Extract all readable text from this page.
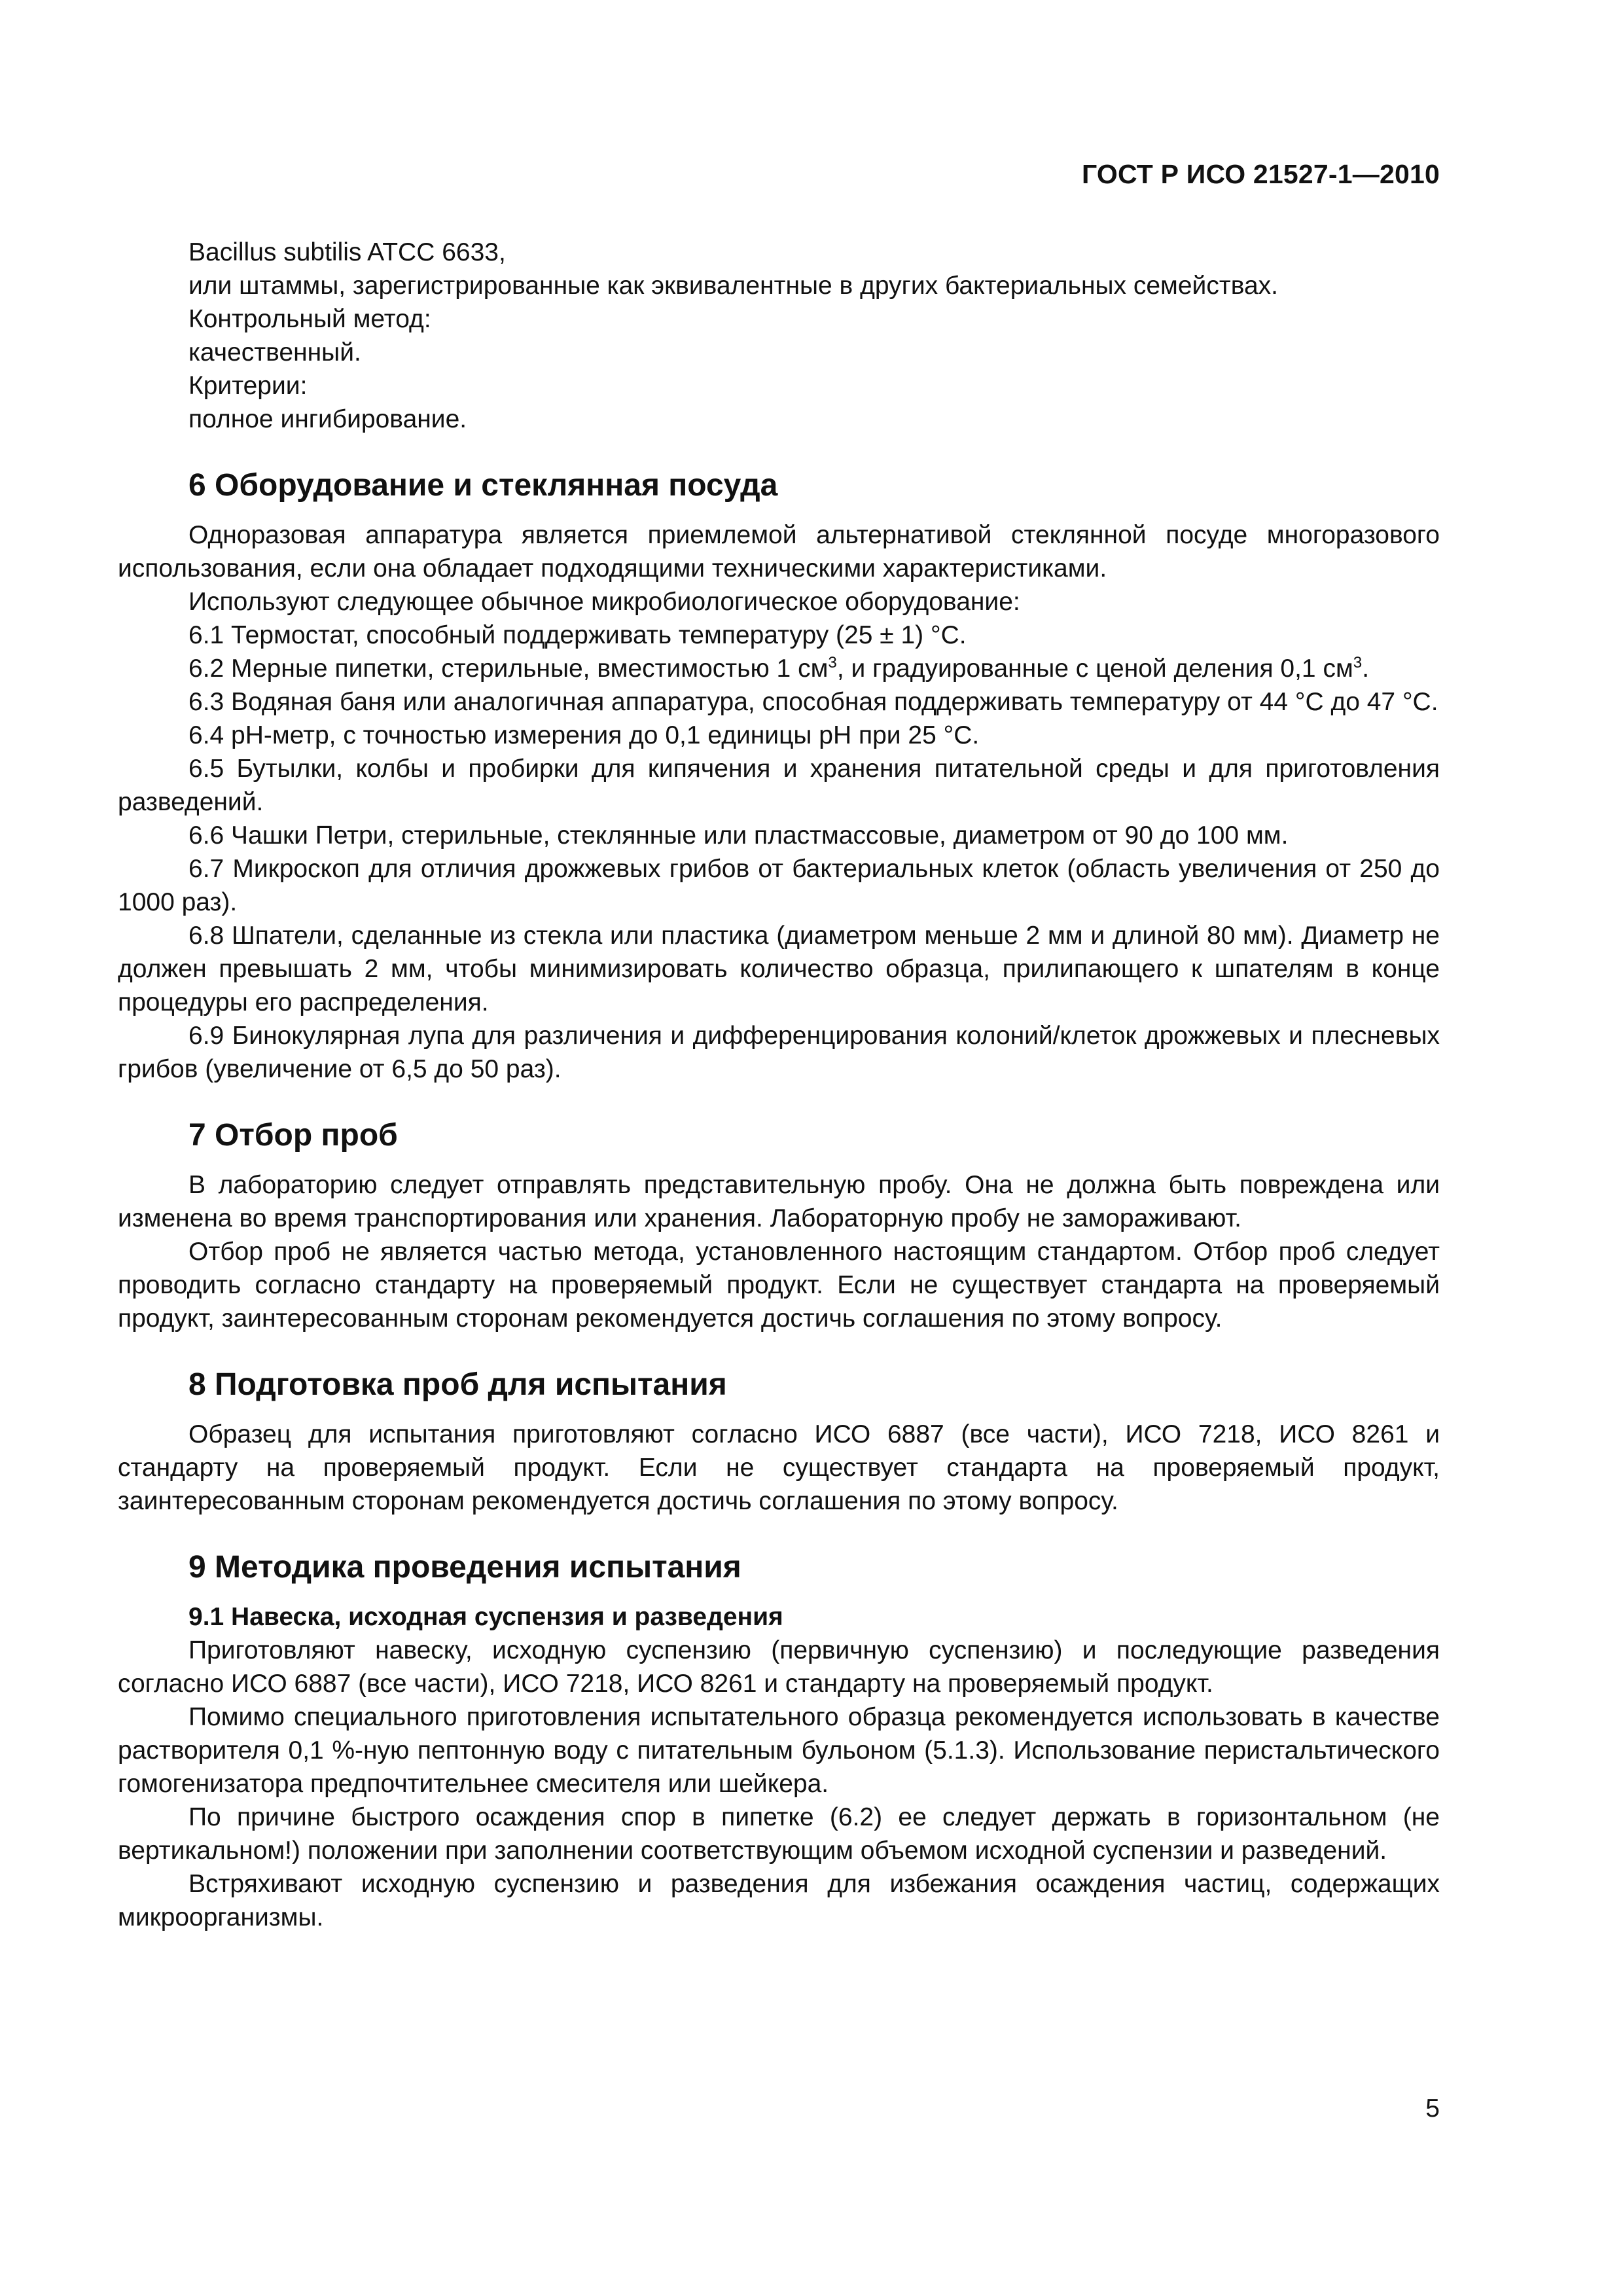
ГОСТ Р ИСО 21527-1—2010

Bacillus subtilis ATCC 6633,

или штаммы, зарегистрированные как эквивалентные в других бактериальных семействах.

Контрольный метод:

качественный.

Критерии:

полное ингибирование.

6 Оборудование и стеклянная посуда

Одноразовая аппаратура является приемлемой альтернативой стеклянной посуде многоразового использования, если она обладает подходящими техническими характеристиками.

Используют следующее обычное микробиологическое оборудование:

6.1 Термостат, способный поддерживать температуру (25 ± 1) °С.

6.2 Мерные пипетки, стерильные, вместимостью 1 $см^3$, и градуированные с ценой деления 0,1 $см^3$.

6.3 Водяная баня или аналогичная аппаратура, способная поддерживать температуру от 44 °С до 47 °С.

6.4 рН-метр, с точностью измерения до 0,1 единицы рН при 25 °С.

6.5 Бутылки, колбы и пробирки для кипячения и хранения питательной среды и для приготовления разведений.

6.6 Чашки Петри, стерильные, стеклянные или пластмассовые, диаметром от 90 до 100 мм.

6.7 Микроскоп для отличия дрожжевых грибов от бактериальных клеток (область увеличения от 250 до 1000 раз).

6.8 Шпатели, сделанные из стекла или пластика (диаметром меньше 2 мм и длиной 80 мм). Диаметр не должен превышать 2 мм, чтобы минимизировать количество образца, прилипающего к шпателям в конце процедуры его распределения.

6.9 Бинокулярная лупа для различения и дифференцирования колоний/клеток дрожжевых и плесневых грибов (увеличение от 6,5 до 50 раз).

7 Отбор проб

В лабораторию следует отправлять представительную пробу. Она не должна быть повреждена или изменена во время транспортирования или хранения. Лабораторную пробу не замораживают.

Отбор проб не является частью метода, установленного настоящим стандартом. Отбор проб следует проводить согласно стандарту на проверяемый продукт. Если не существует стандарта на проверяемый продукт, заинтересованным сторонам рекомендуется достичь соглашения по этому вопросу.

8 Подготовка проб для испытания

Образец для испытания приготовляют согласно ИСО 6887 (все части), ИСО 7218, ИСО 8261 и стандарту на проверяемый продукт. Если не существует стандарта на проверяемый продукт, заинтересованным сторонам рекомендуется достичь соглашения по этому вопросу.

9 Методика проведения испытания
9.1 Навеска, исходная суспензия и разведения

Приготовляют навеску, исходную суспензию (первичную суспензию) и последующие разведения согласно ИСО 6887 (все части), ИСО 7218, ИСО 8261 и стандарту на проверяемый продукт.

Помимо специального приготовления испытательного образца рекомендуется использовать в качестве растворителя 0,1 %-ную пептонную воду с питательным бульоном (5.1.3). Использование перистальтического гомогенизатора предпочтительнее смесителя или шейкера.

По причине быстрого осаждения спор в пипетке (6.2) ее следует держать в горизонтальном (не вертикальном!) положении при заполнении соответствующим объемом исходной суспензии и разведений.

Встряхивают исходную суспензию и разведения для избежания осаждения частиц, содержащих микроорганизмы.

5
